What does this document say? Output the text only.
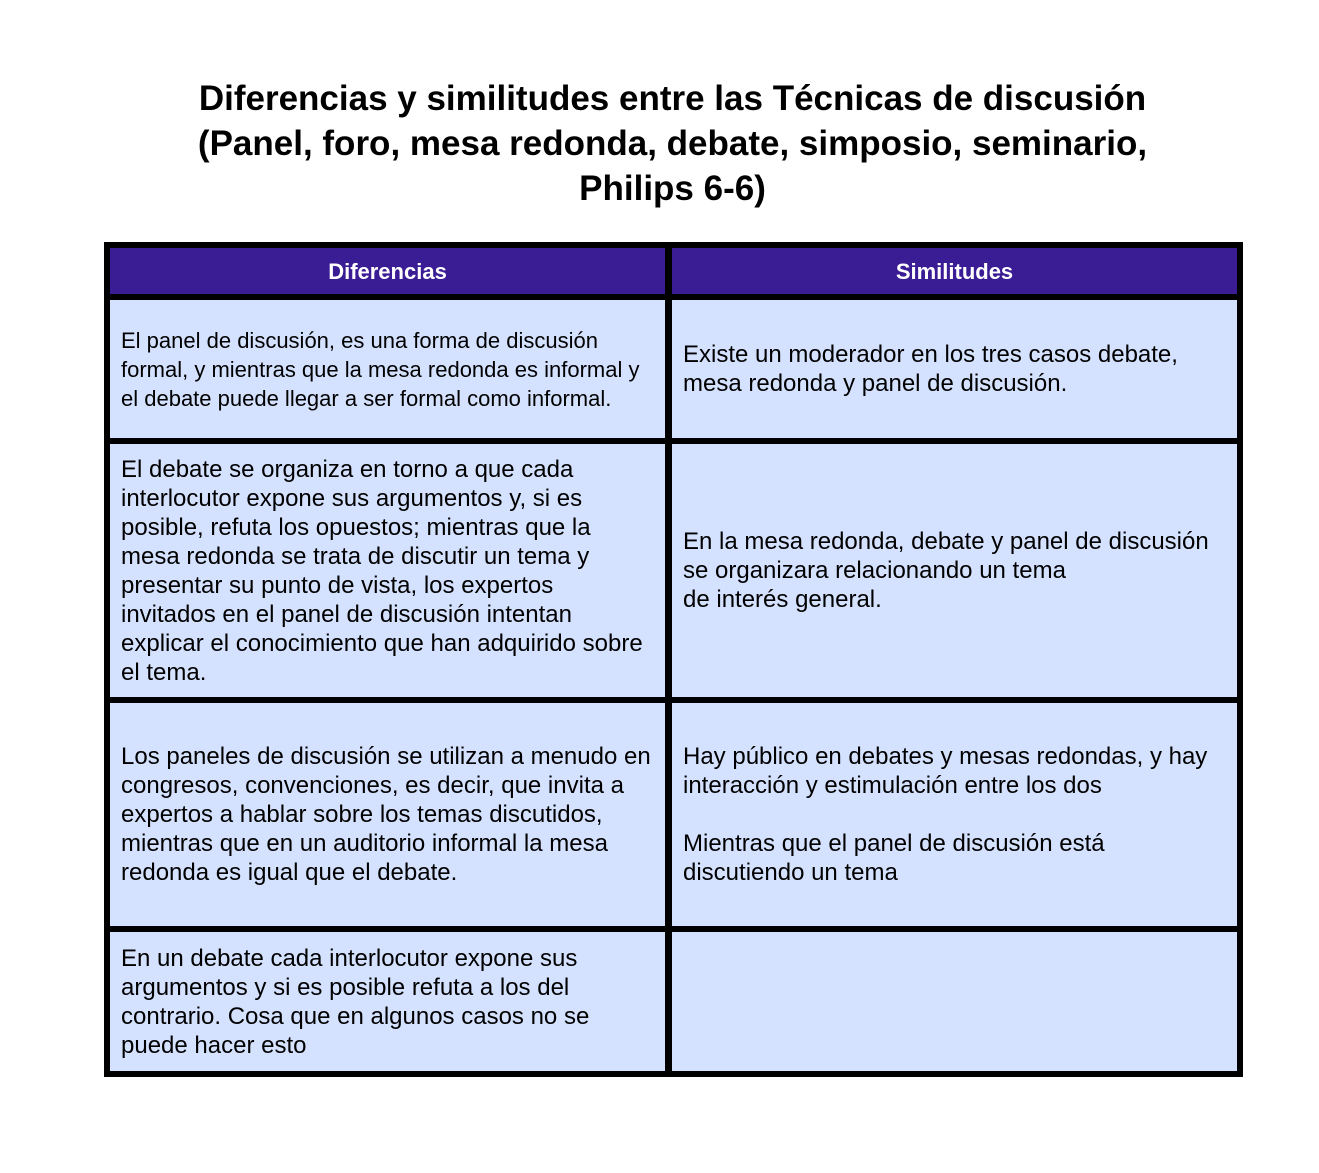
Diferencias y similitudes entre las Técnicas de discusión
(Panel, foro, mesa redonda, debate, simposio, seminario,
Philips 6-6)
Diferencias	Similitudes
El panel de discusión, es una forma de discusión formal, y mientras que la mesa redonda es informal y el debate puede llegar a ser formal como informal.	Existe un moderador en los tres casos debate, mesa redonda y panel de discusión.
El debate se organiza en torno a que cada interlocutor expone sus argumentos y, si es posible, refuta los opuestos; mientras que la mesa redonda se trata de discutir un tema y presentar su punto de vista, los expertos invitados en el panel de discusión intentan explicar el conocimiento que han adquirido sobre el tema.	En la mesa redonda, debate y panel de discusión se organizara relacionando un tema
de interés general.

Los paneles de discusión se utilizan a menudo en congresos, convenciones, es decir, que invita a expertos a hablar sobre los temas discutidos, mientras que en un auditorio informal la mesa redonda es igual que el debate.	Hay público en debates y mesas redondas, y hay interacción y estimulación entre los dos
Mientras que el panel de discusión está discutiendo un tema

En un debate cada interlocutor expone sus argumentos y si es posible refuta a los del contrario. Cosa que en algunos casos no se puede hacer esto	
